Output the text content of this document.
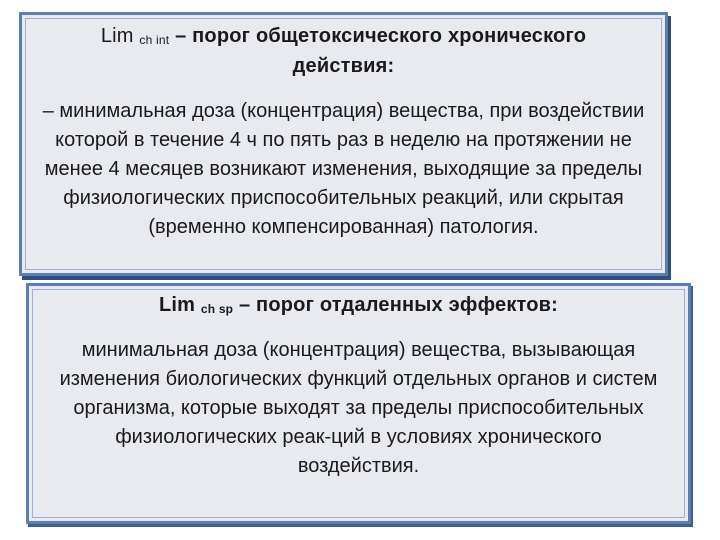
Lim $_{ch int}$ – порог общетоксического хронического действия:
– минимальная доза (концентрация) вещества, при воздействии которой в течение 4 ч по пять раз в неделю на протяжении не менее 4 месяцев возникают изменения, выходящие за пределы физиологических приспособительных реакций, или скрытая (временно компенсированная) патология.
Lim $_{ch sp}$ – порог отдаленных эффектов:
минимальная доза (концентрация) вещества, вызывающая изменения биологических функций отдельных органов и систем организма, которые выходят за пределы приспособительных физиологических реак-ций в условиях хронического воздействия.
